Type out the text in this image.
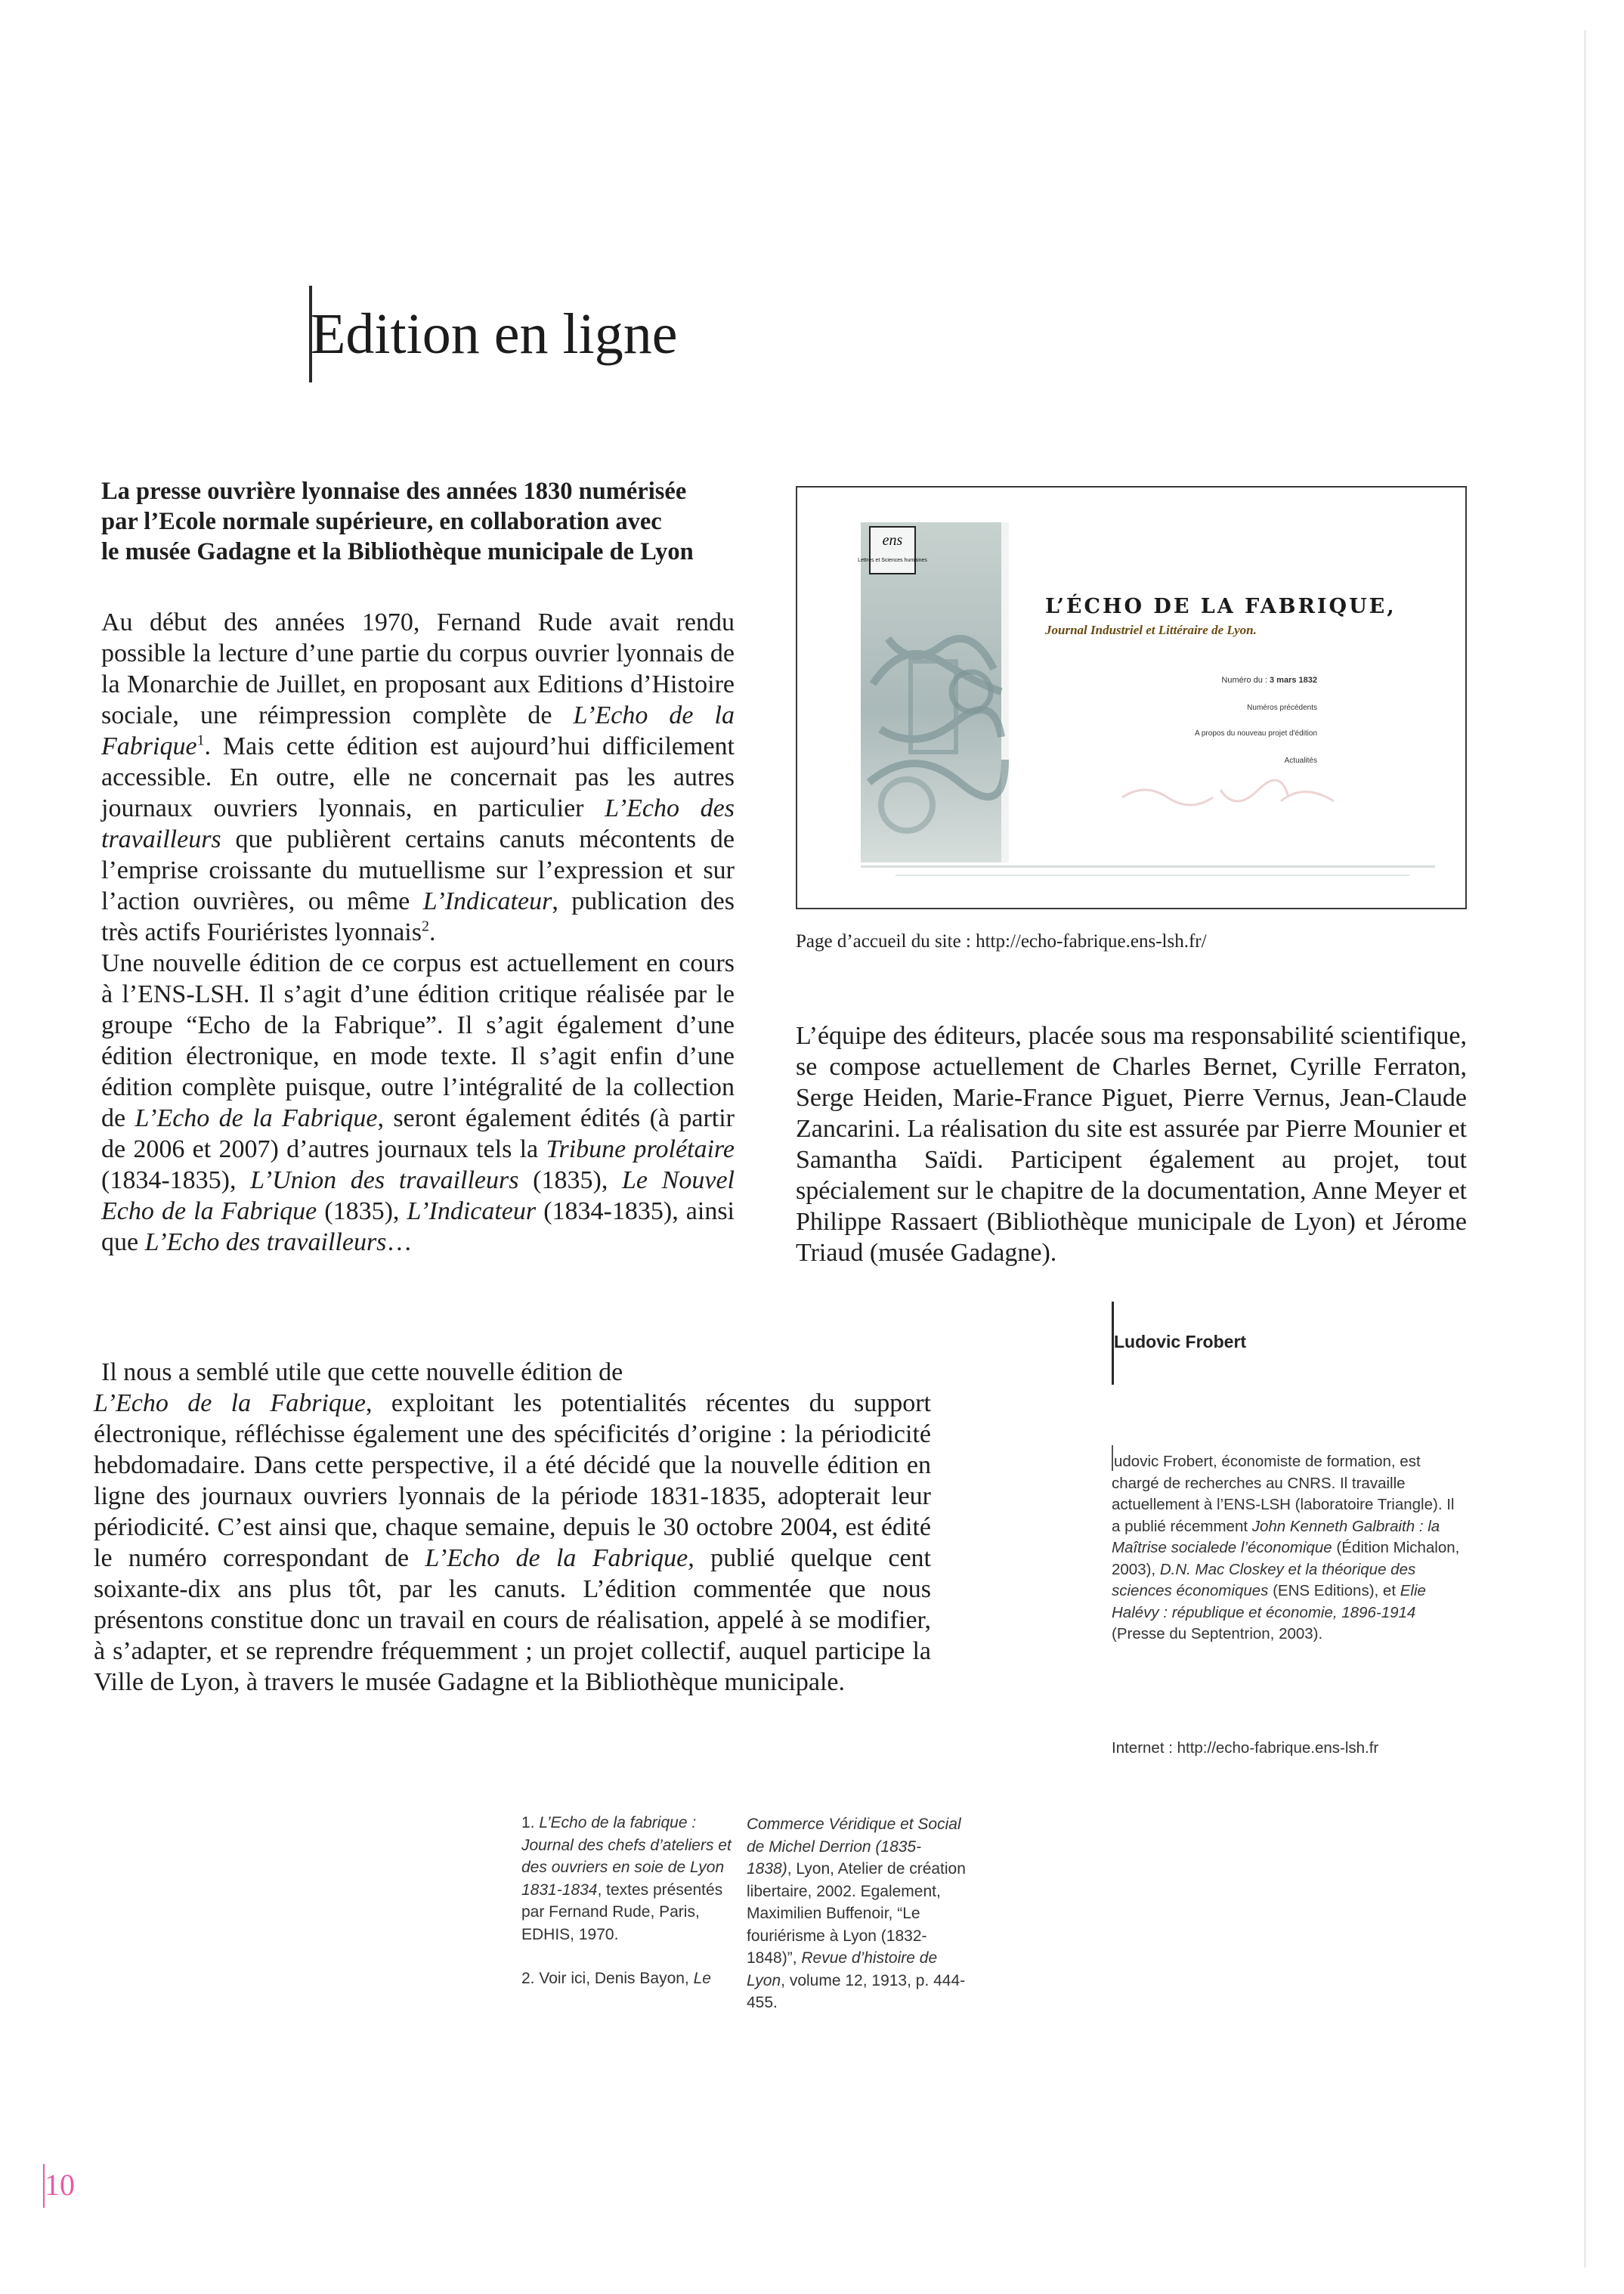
Edition en ligne

La presse ouvrière lyonnaise des années 1830 numérisée

par l’Ecole normale supérieure, en collaboration avec

le musée Gadagne et la Bibliothèque municipale de Lyon

Au début des années 1970, Fernand Rude avait rendu possible la lecture d’une partie du corpus ouvrier lyonnais de la Monarchie de Juillet, en proposant aux Editions d’Histoire sociale, une réimpression complète de L’Echo de la Fabrique$^1$. Mais cette édition est aujourd’hui difficilement accessible. En outre, elle ne concernait pas les autres journaux ouvriers lyonnais, en particulier L’Echo des travailleurs que publièrent certains canuts mécontents de l’emprise croissante du mutuellisme sur l’expression et sur l’action ouvrières, ou même L’Indicateur, publication des très actifs Fouriéristes lyonnais$^2$.

Une nouvelle édition de ce corpus est actuellement en cours à l’ENS-LSH. Il s’agit d’une édition critique réalisée par le groupe “Echo de la Fabrique”. Il s’agit également d’une édition électronique, en mode texte. Il s’agit enfin d’une édition complète puisque, outre l’intégralité de la collection de L’Echo de la Fabrique, seront également édités (à partir de 2006 et 2007) d’autres journaux tels la Tribune prolétaire (1834-1835), L’Union des travailleurs (1835), Le Nouvel Echo de la Fabrique (1835), L’Indicateur (1834-1835), ainsi que L’Echo des travailleurs…

Il nous a semblé utile que cette nouvelle édition de

L’Echo de la Fabrique, exploitant les potentialités récentes du support électronique, réfléchisse également une des spécificités d’origine : la périodicité hebdomadaire. Dans cette perspective, il a été décidé que la nouvelle édition en ligne des journaux ouvriers lyonnais de la période 1831-1835, adopterait leur périodicité. C’est ainsi que, chaque semaine, depuis le 30 octobre 2004, est édité le numéro correspondant de L’Echo de la Fabrique, publié quelque cent soixante-dix ans plus tôt, par les canuts. L’édition commentée que nous présentons constitue donc un travail en cours de réalisation, appelé à se modifier, à s’adapter, et se reprendre fréquemment ; un projet collectif, auquel participe la Ville de Lyon, à travers le musée Gadagne et la Bibliothèque municipale.

ens
Lettres et Sciences humaines
L’ÉCHO DE LA FABRIQUE,
Journal Industriel et Littéraire de Lyon.
Numéro du : 3 mars 1832
Numéros précédents
A propos du nouveau projet d'édition
Actualités
Page d’accueil du site : http://echo-fabrique.ens-lsh.fr/

L’équipe des éditeurs, placée sous ma responsabilité scientifique, se compose actuellement de Charles Bernet, Cyrille Ferraton, Serge Heiden, Marie-France Piguet, Pierre Vernus, Jean-Claude Zancarini. La réalisation du site est assurée par Pierre Mounier et Samantha Saïdi. Participent également au projet, tout spécialement sur le chapitre de la documentation, Anne Meyer et Philippe Rassaert (Bibliothèque municipale de Lyon) et Jérome Triaud (musée Gadagne).

Ludovic Frobert

udovic Frobert, économiste de formation, est chargé de recherches au CNRS. Il travaille actuellement à l’ENS-LSH (laboratoire Triangle). Il a publié récemment John Kenneth Galbraith : la Maîtrise socialede l’économique (Édition Michalon, 2003), D.N. Mac Closkey et la théorique des sciences économiques (ENS Editions), et Elie Halévy : république et économie, 1896-1914 (Presse du Septentrion, 2003).

Internet : http://echo-fabrique.ens-lsh.fr

1. L’Echo de la fabrique : Journal des chefs d’ateliers et des ouvriers en soie de Lyon 1831-1834, textes présentés par Fernand Rude, Paris, EDHIS, 1970.

2. Voir ici, Denis Bayon, Le

Commerce Véridique et Social de Michel Derrion (1835-1838), Lyon, Atelier de création libertaire, 2002. Egalement, Maximilien Buffenoir, “Le fouriérisme à Lyon (1832-1848)”, Revue d’histoire de Lyon, volume 12, 1913, p. 444-455.

10
